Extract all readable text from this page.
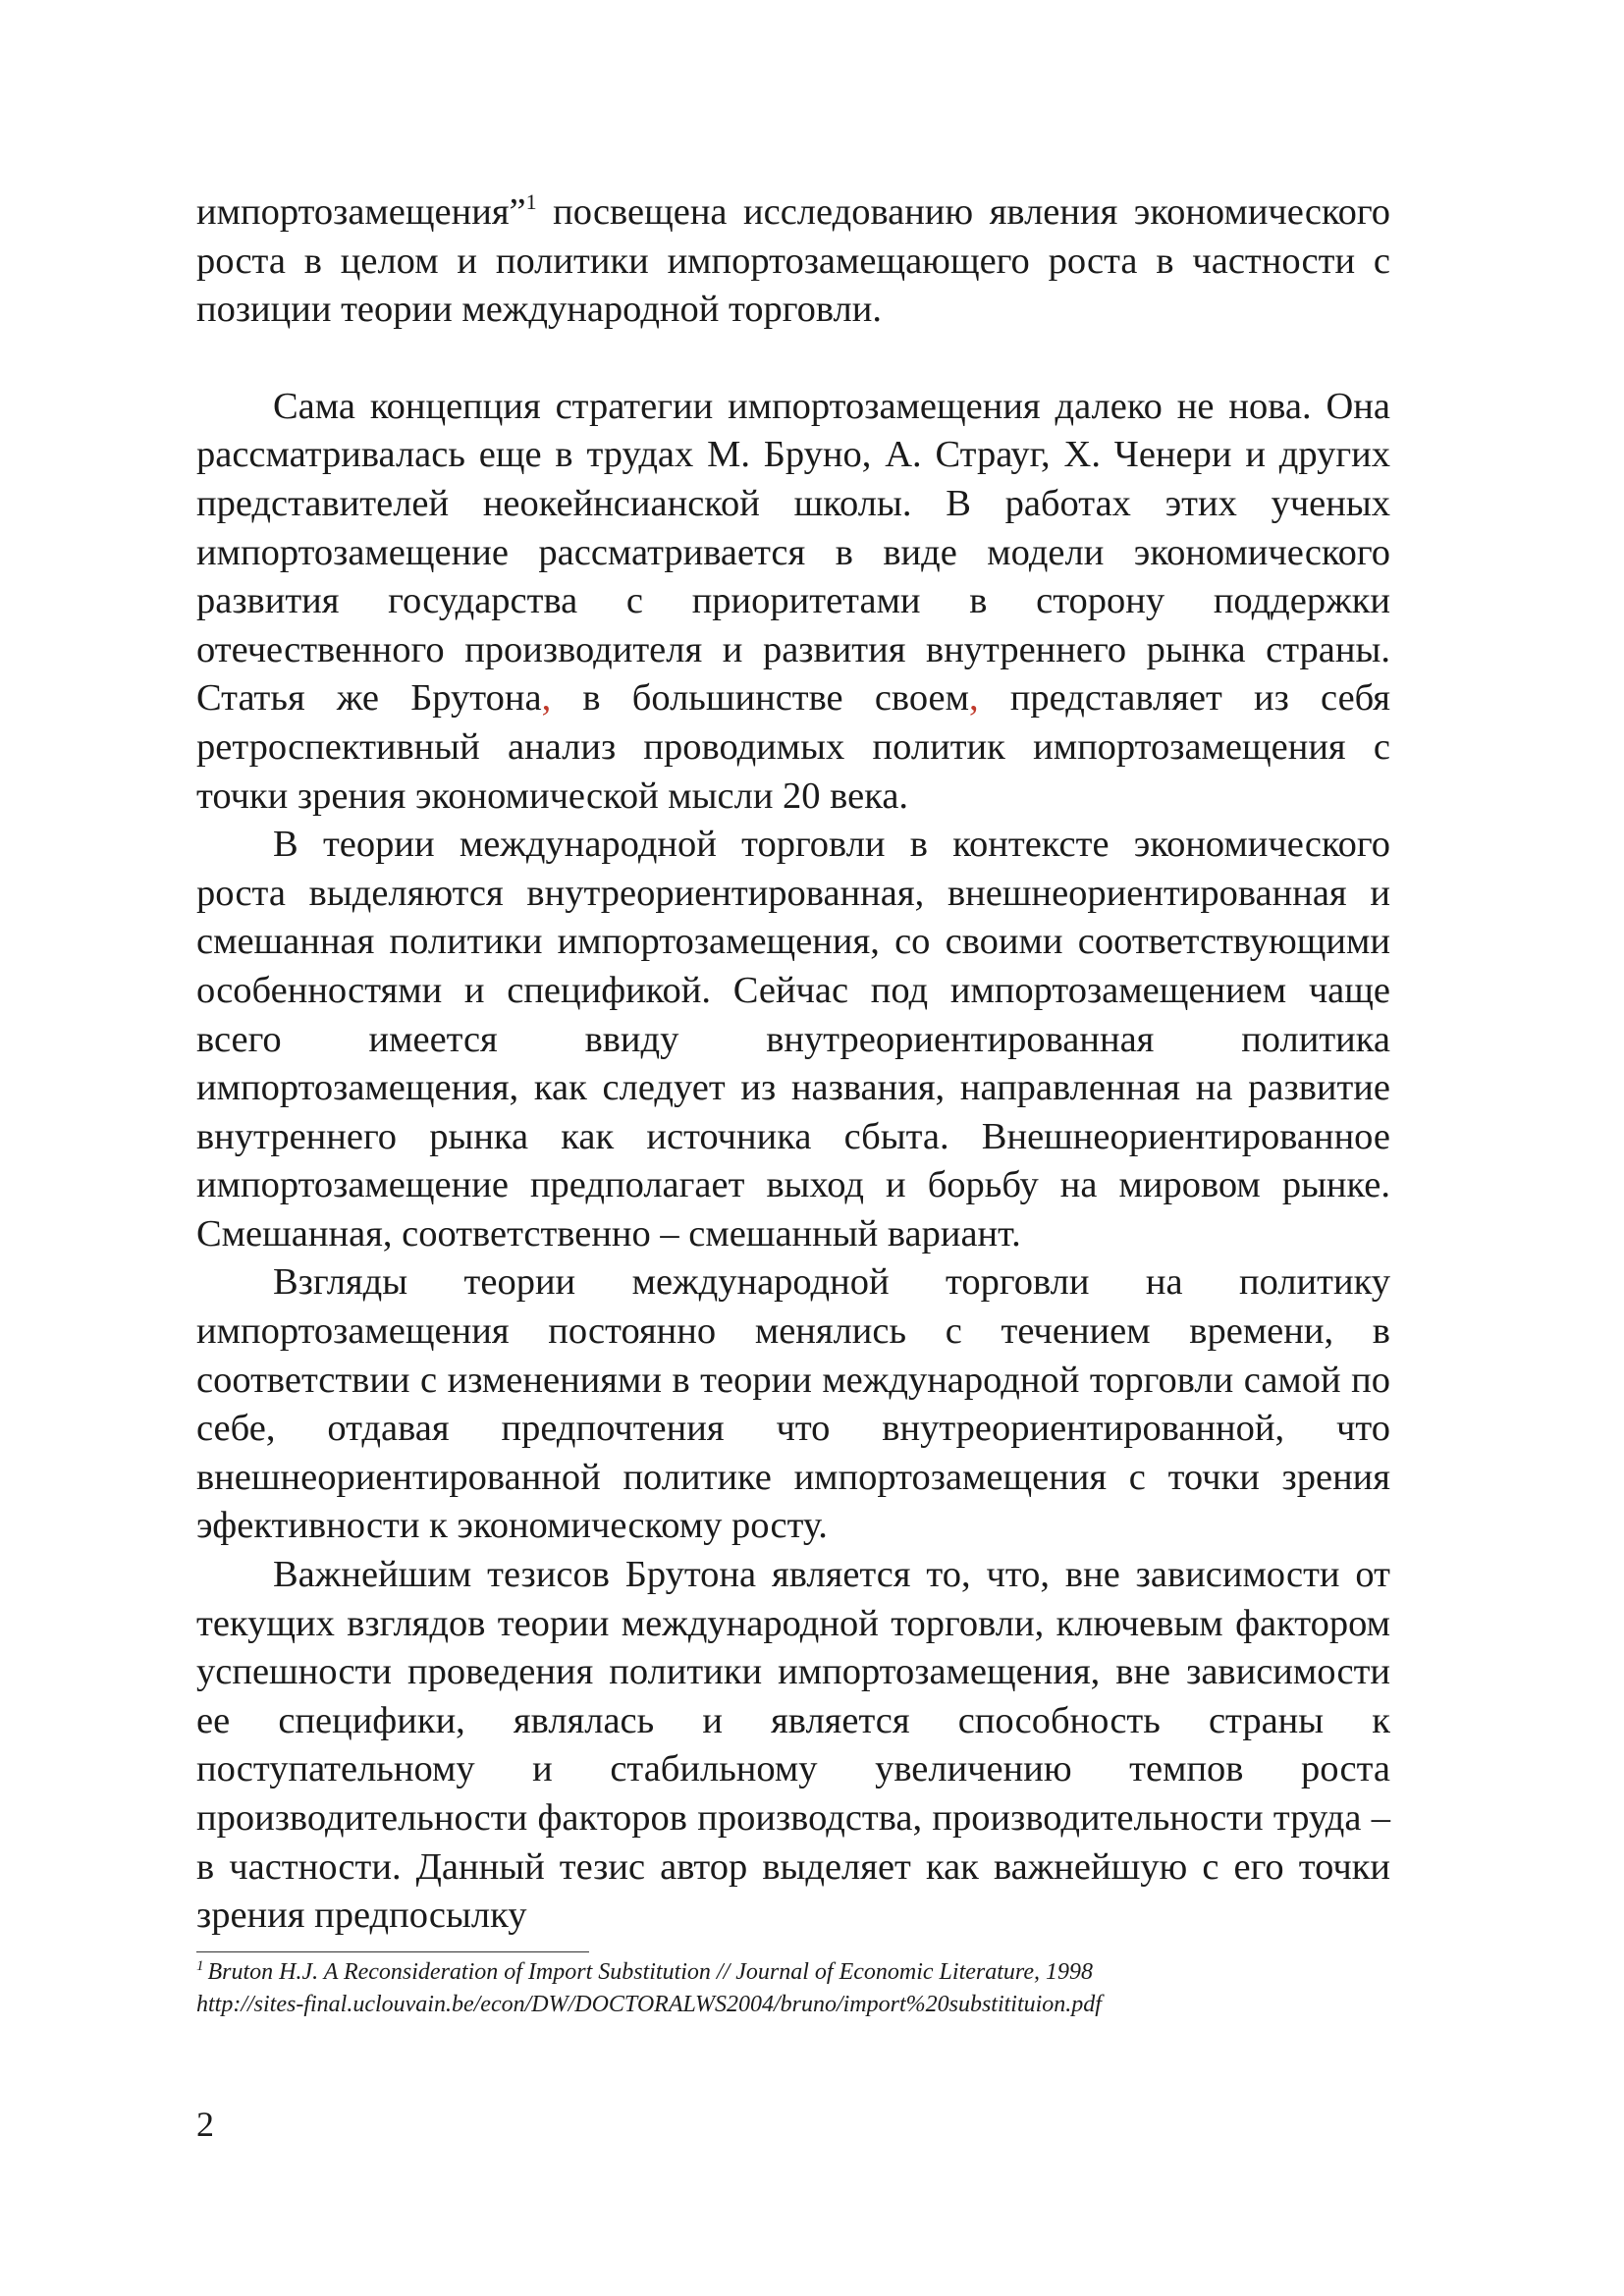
импортозамещения”$^1$ посвещена исследованию явления экономического роста в целом и политики импортозамещающего роста в частности с позиции теории международной торговли.

Сама концепция стратегии импортозамещения далеко не нова. Она рассматривалась еще в трудах М. Бруно, А. Страуг, Х. Ченери и других представителей неокейнсианской школы. В работах этих ученых импортозамещение рассматривается в виде модели экономического развития государства с приоритетами в сторону поддержки отечественного производителя и развития внутреннего рынка страны. Статья же Брутона, в большинстве своем, представляет из себя ретроспективный анализ проводимых политик импортозамещения с точки зрения экономической мысли 20 века.

В теории международной торговли в контексте экономического роста выделяются внутреориентированная, внешнеориентированная и смешанная политики импортозамещения, со своими соответствующими особенностями и спецификой. Сейчас под импортозамещением чаще всего имеется ввиду внутреориентированная политика импортозамещения, как следует из названия, направленная на развитие внутреннего рынка как источника сбыта. Внешнеориентированное импортозамещение предполагает выход и борьбу на мировом рынке. Смешанная, соответственно – смешанный вариант.

Взгляды теории международной торговли на политику импортозамещения постоянно менялись с течением времени, в соответствии с изменениями в теории международной торговли самой по себе, отдавая предпочтения что внутреориентированной, что внешнеориентированной политике импортозамещения с точки зрения эфективности к экономическому росту.

Важнейшим тезисов Брутона является то, что, вне зависимости от текущих взглядов теории международной торговли, ключевым фактором успешности проведения политики импортозамещения, вне зависимости ее специфики, являлась и является способность страны к поступательному и стабильному увеличению темпов роста производительности факторов производства, производительности труда – в частности. Данный тезис автор выделяет как важнейшую с его точки зрения предпосылку

$^1$ Bruton H.J. A Reconsideration of Import Substitution // Journal of Economic Literature, 1998
http://sites-final.uclouvain.be/econ/DW/DOCTORALWS2004/bruno/import%20substitituion.pdf
2
